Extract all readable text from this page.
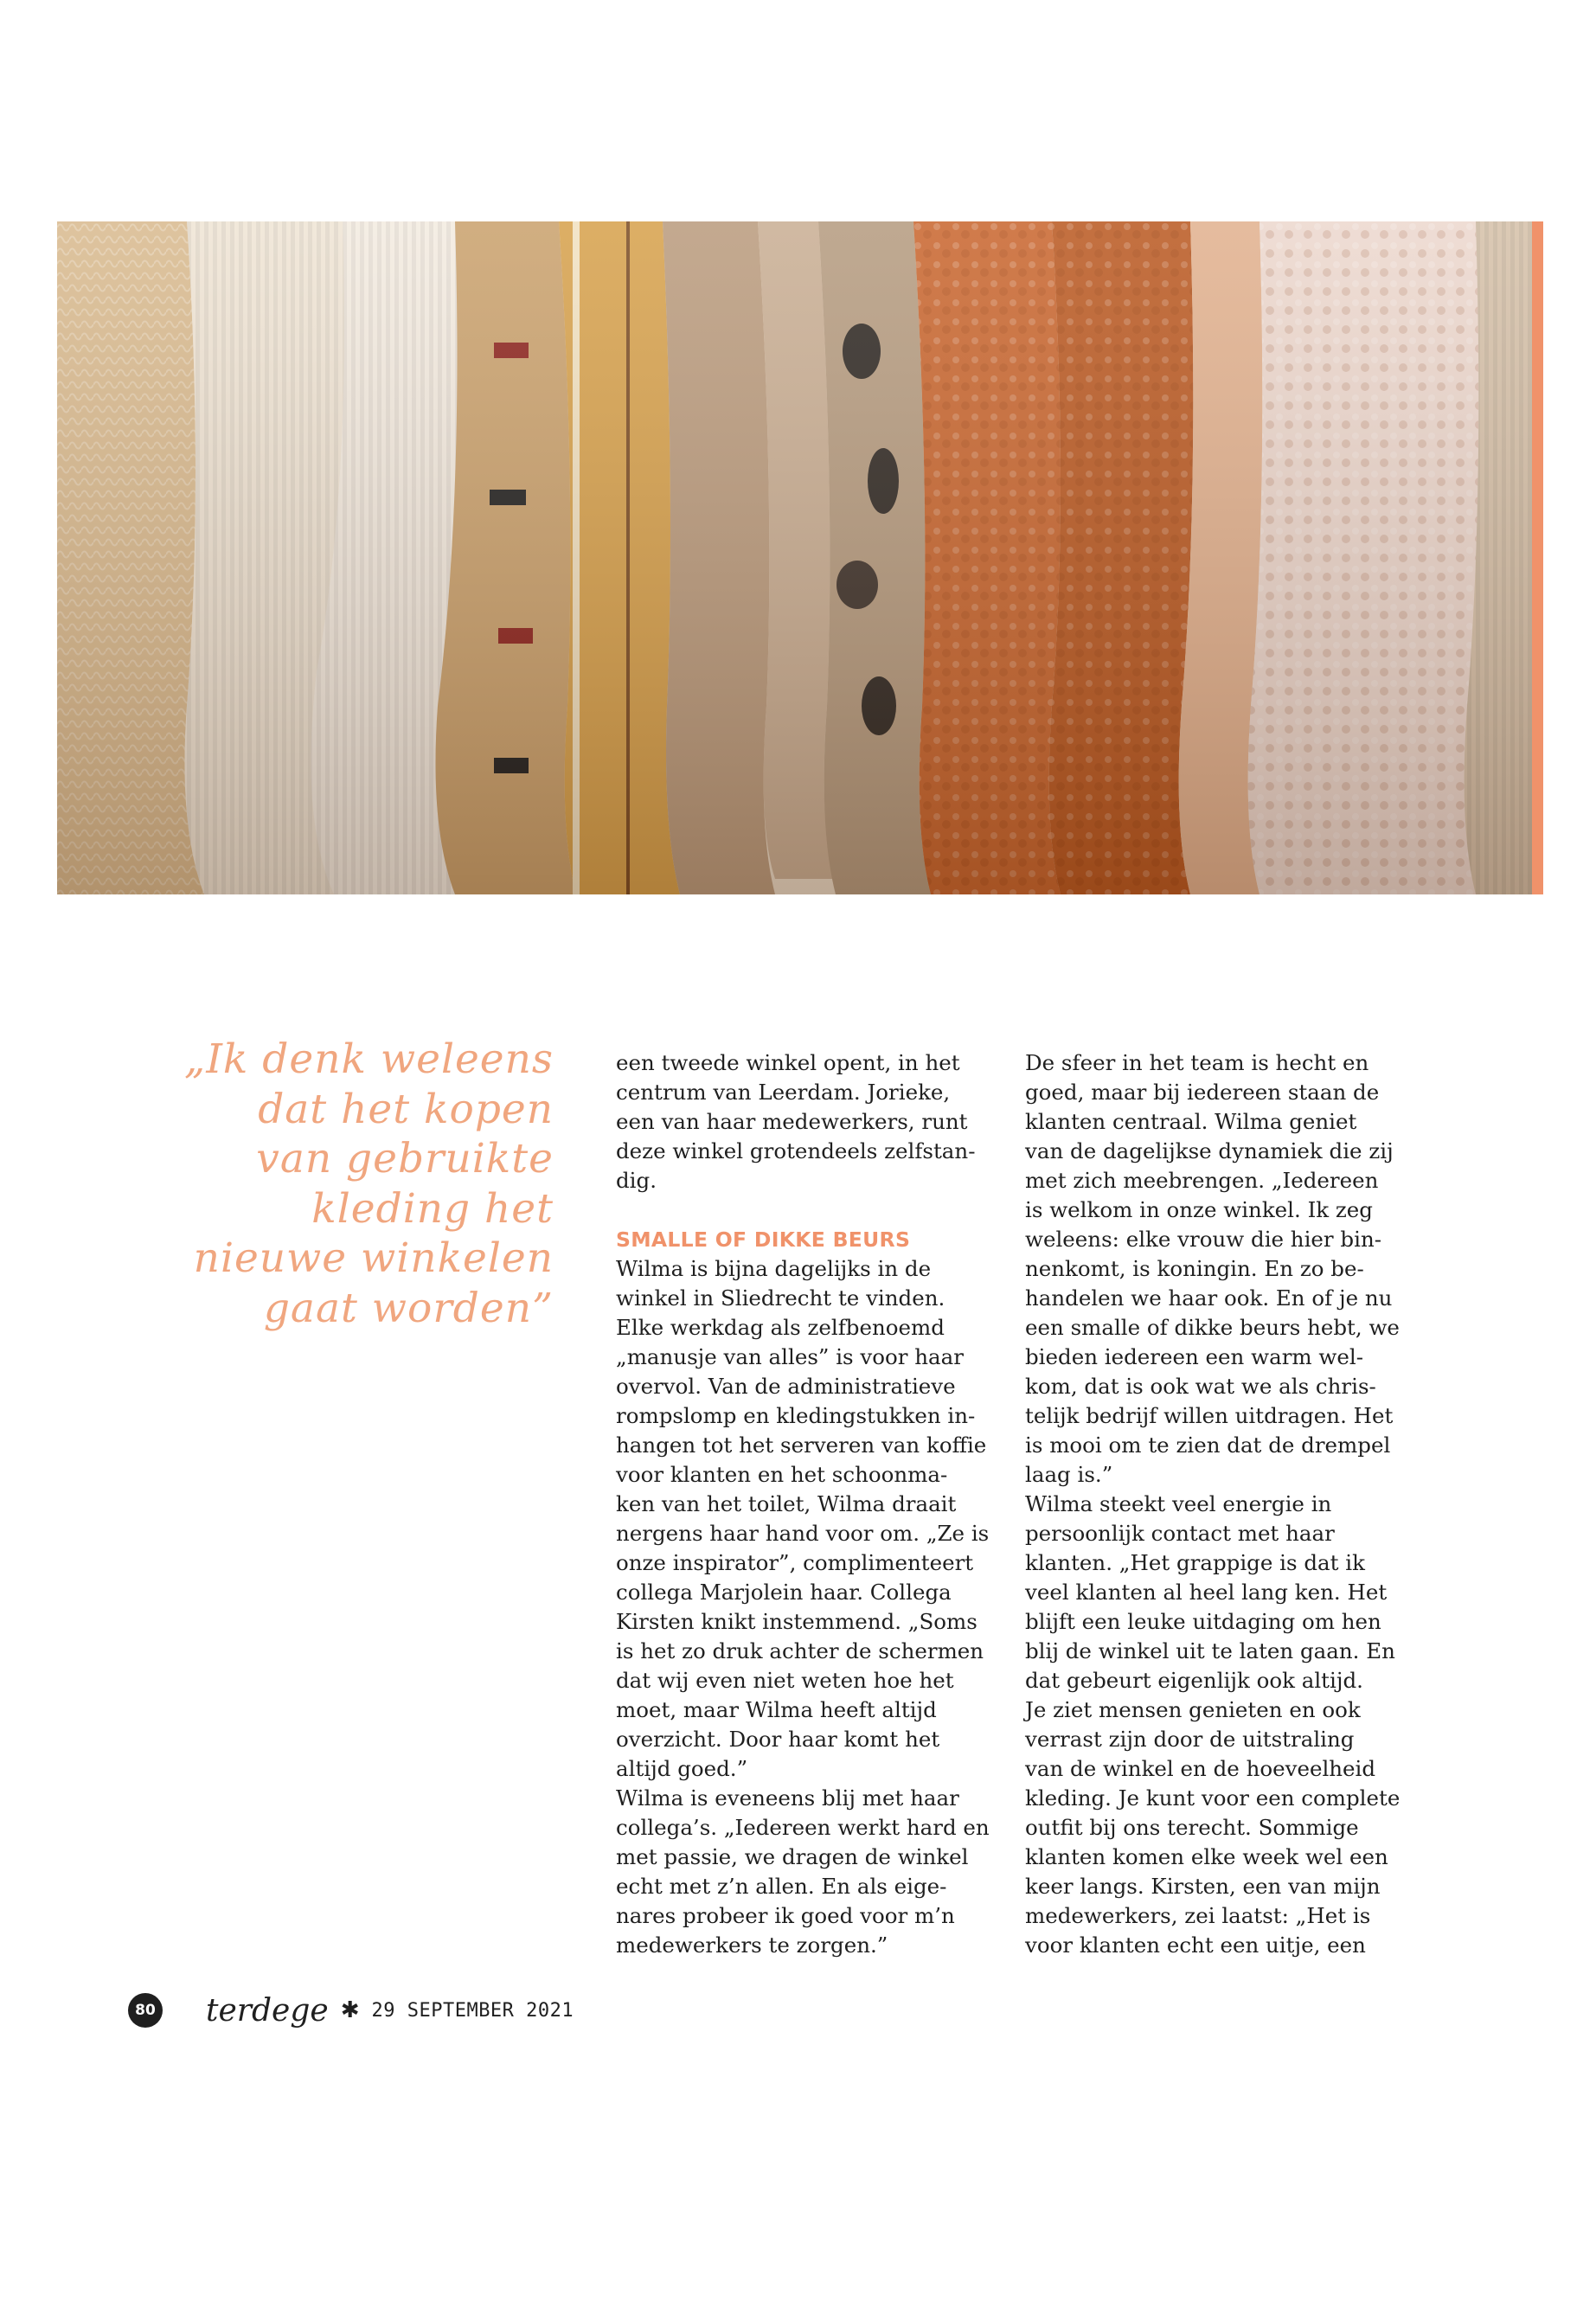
„Ik denk weleens
dat het kopen
van gebruikte
kleding het
nieuwe winkelen
gaat worden”
een tweede winkel opent, in het
centrum van Leerdam. Jorieke,
een van haar medewerkers, runt
deze winkel grotendeels zelfstan-
dig.
SMALLE OF DIKKE BEURS
Wilma is bijna dagelijks in de
winkel in Sliedrecht te vinden.
Elke werkdag als zelfbenoemd
„manusje van alles” is voor haar
overvol. Van de administratieve
rompslomp en kledingstukken in-
hangen tot het serveren van koffie
voor klanten en het schoonma-
ken van het toilet, Wilma draait
nergens haar hand voor om. „Ze is
onze inspirator”, complimenteert
collega Marjolein haar. Collega
Kirsten knikt instemmend. „Soms
is het zo druk achter de schermen
dat wij even niet weten hoe het
moet, maar Wilma heeft altijd
overzicht. Door haar komt het
altijd goed.”
Wilma is eveneens blij met haar
collega’s. „Iedereen werkt hard en
met passie, we dragen de winkel
echt met z’n allen. En als eige-
nares probeer ik goed voor m’n
medewerkers te zorgen.”
De sfeer in het team is hecht en
goed, maar bij iedereen staan de
klanten centraal. Wilma geniet
van de dagelijkse dynamiek die zij
met zich meebrengen. „Iedereen
is welkom in onze winkel. Ik zeg
weleens: elke vrouw die hier bin-
nenkomt, is koningin. En zo be-
handelen we haar ook. En of je nu
een smalle of dikke beurs hebt, we
bieden iedereen een warm wel-
kom, dat is ook wat we als chris-
telijk bedrijf willen uitdragen. Het
is mooi om te zien dat de drempel
laag is.”
Wilma steekt veel energie in
persoonlijk contact met haar
klanten. „Het grappige is dat ik
veel klanten al heel lang ken. Het
blijft een leuke uitdaging om hen
blij de winkel uit te laten gaan. En
dat gebeurt eigenlijk ook altijd.
Je ziet mensen genieten en ook
verrast zijn door de uitstraling
van de winkel en de hoeveelheid
kleding. Je kunt voor een complete
outfit bij ons terecht. Sommige
klanten komen elke week wel een
keer langs. Kirsten, een van mijn
medewerkers, zei laatst: „Het is
voor klanten echt een uitje, een
80 terdege ✱ 29 SEPTEMBER 2021
